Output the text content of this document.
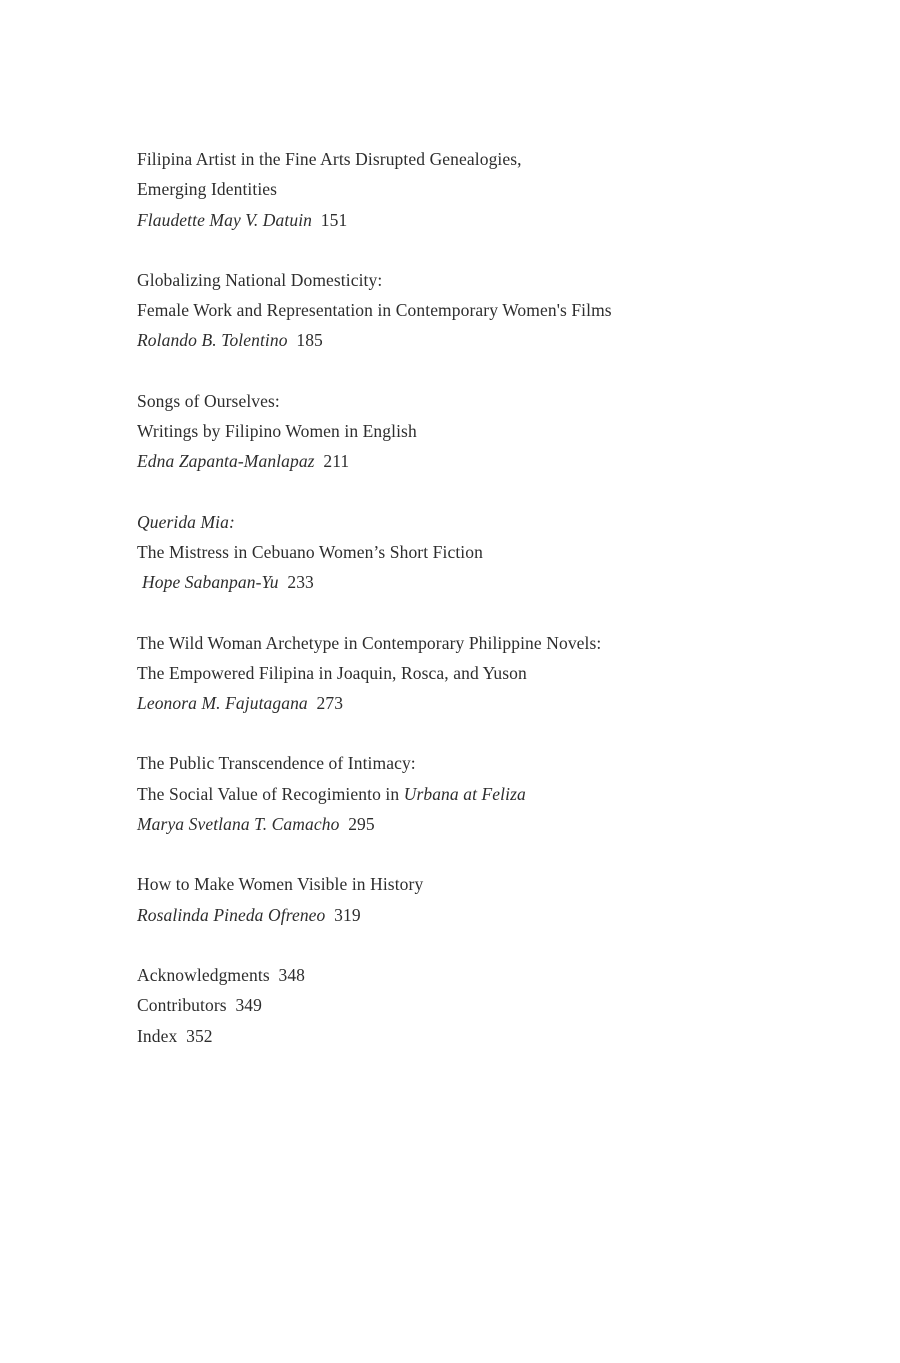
Filipina Artist in the Fine Arts Disrupted Genealogies,

Emerging Identities

Flaudette May V. Datuin 151

Globalizing National Domesticity:

Female Work and Representation in Contemporary Women's Films

Rolando B. Tolentino 185

Songs of Ourselves:

Writings by Filipino Women in English

Edna Zapanta-Manlapaz 211

Querida Mia:

The Mistress in Cebuano Women’s Short Fiction

Hope Sabanpan-Yu 233

The Wild Woman Archetype in Contemporary Philippine Novels:

The Empowered Filipina in Joaquin, Rosca, and Yuson

Leonora M. Fajutagana 273

The Public Transcendence of Intimacy:

The Social Value of Recogimiento in Urbana at Feliza

Marya Svetlana T. Camacho 295

How to Make Women Visible in History

Rosalinda Pineda Ofreneo 319

Acknowledgments 348

Contributors 349

Index 352
